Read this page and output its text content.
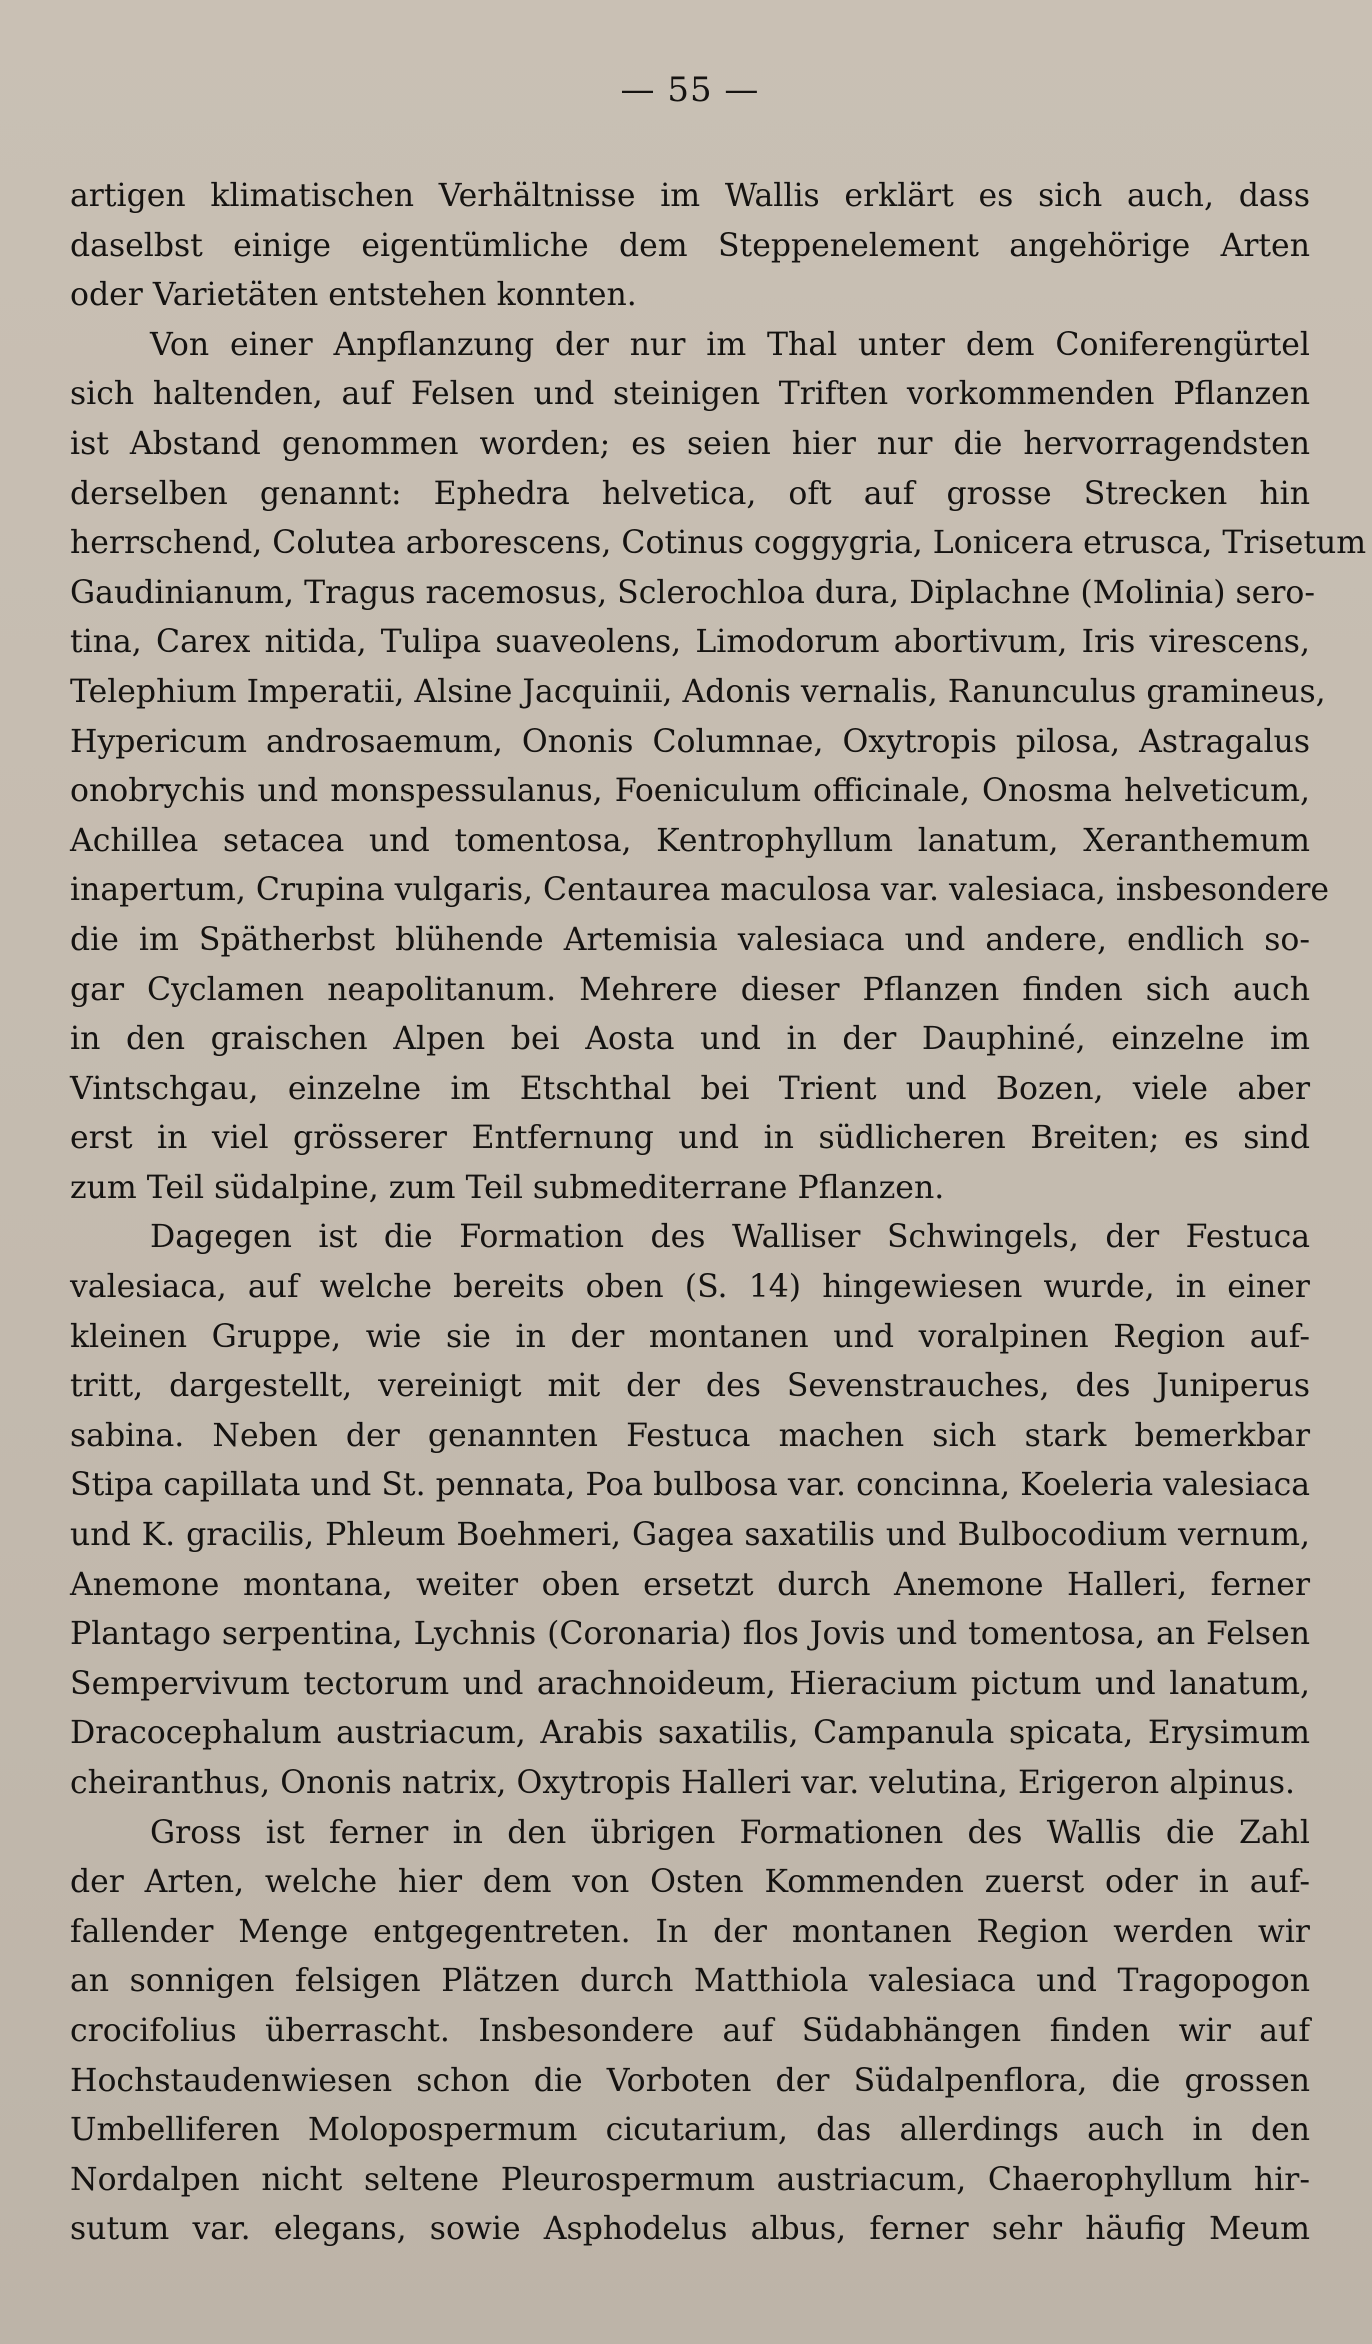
— 55 —
artigen klimatischen Verhältnisse im Wallis erklärt es sich auch, dass
daselbst einige eigentümliche dem Steppenelement angehörige Arten
oder Varietäten entstehen konnten.
Von einer Anpflanzung der nur im Thal unter dem Coniferengürtel
sich haltenden, auf Felsen und steinigen Triften vorkommenden Pflanzen
ist Abstand genommen worden; es seien hier nur die hervorragendsten
derselben genannt: Ephedra helvetica, oft auf grosse Strecken hin
herrschend, Colutea arborescens, Cotinus coggygria, Lonicera etrusca, Trisetum
Gaudinianum, Tragus racemosus, Sclerochloa dura, Diplachne (Molinia) sero-
tina, Carex nitida, Tulipa suaveolens, Limodorum abortivum, Iris virescens,
Telephium Imperatii, Alsine Jacquinii, Adonis vernalis, Ranunculus gramineus,
Hypericum androsaemum, Ononis Columnae, Oxytropis pilosa, Astragalus
onobrychis und monspessulanus, Foeniculum officinale, Onosma helveticum,
Achillea setacea und tomentosa, Kentrophyllum lanatum, Xeranthemum
inapertum, Crupina vulgaris, Centaurea maculosa var. valesiaca, insbesondere
die im Spätherbst blühende Artemisia valesiaca und andere, endlich so-
gar Cyclamen neapolitanum. Mehrere dieser Pflanzen finden sich auch
in den graischen Alpen bei Aosta und in der Dauphiné, einzelne im
Vintschgau, einzelne im Etschthal bei Trient und Bozen, viele aber
erst in viel grösserer Entfernung und in südlicheren Breiten; es sind
zum Teil südalpine, zum Teil submediterrane Pflanzen.
Dagegen ist die Formation des Walliser Schwingels, der Festuca
valesiaca, auf welche bereits oben (S. 14) hingewiesen wurde, in einer
kleinen Gruppe, wie sie in der montanen und voralpinen Region auf-
tritt, dargestellt, vereinigt mit der des Sevenstrauches, des Juniperus
sabina. Neben der genannten Festuca machen sich stark bemerkbar
Stipa capillata und St. pennata, Poa bulbosa var. concinna, Koeleria valesiaca
und K. gracilis, Phleum Boehmeri, Gagea saxatilis und Bulbocodium vernum,
Anemone montana, weiter oben ersetzt durch Anemone Halleri, ferner
Plantago serpentina, Lychnis (Coronaria) flos Jovis und tomentosa, an Felsen
Sempervivum tectorum und arachnoideum, Hieracium pictum und lanatum,
Dracocephalum austriacum, Arabis saxatilis, Campanula spicata, Erysimum
cheiranthus, Ononis natrix, Oxytropis Halleri var. velutina, Erigeron alpinus.
Gross ist ferner in den übrigen Formationen des Wallis die Zahl
der Arten, welche hier dem von Osten Kommenden zuerst oder in auf-
fallender Menge entgegentreten. In der montanen Region werden wir
an sonnigen felsigen Plätzen durch Matthiola valesiaca und Tragopogon
crocifolius überrascht. Insbesondere auf Südabhängen finden wir auf
Hochstaudenwiesen schon die Vorboten der Südalpenflora, die grossen
Umbelliferen Molopospermum cicutarium, das allerdings auch in den
Nordalpen nicht seltene Pleurospermum austriacum, Chaerophyllum hir-
sutum var. elegans, sowie Asphodelus albus, ferner sehr häufig Meum
